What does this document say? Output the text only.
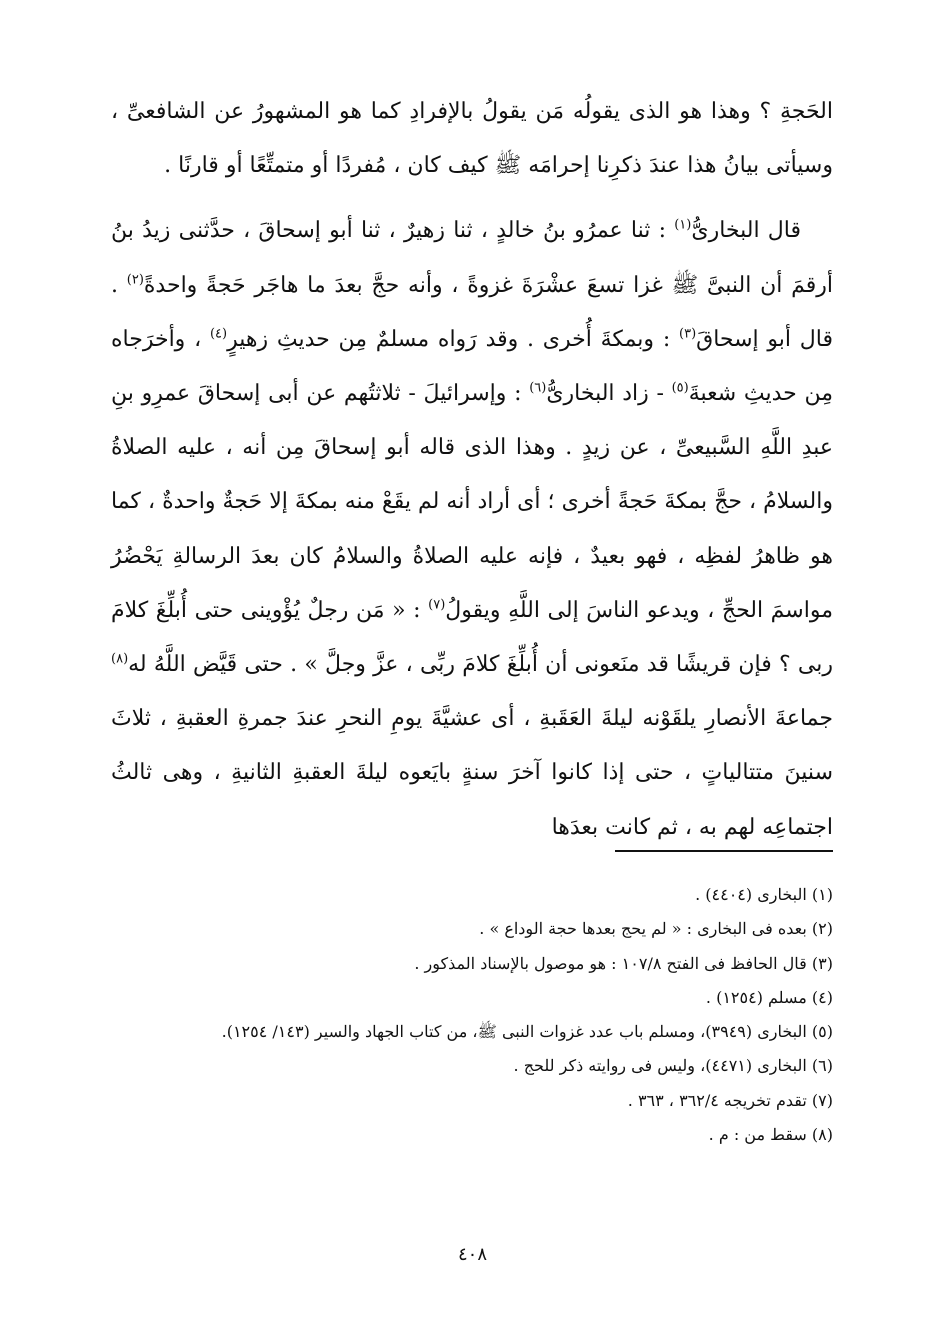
الحَجةِ ؟ وهذا هو الذى يقولُه مَن يقولُ بالإفرادِ كما هو المشهورُ عن الشافعىِّ ، وسيأتى بيانُ هذا عندَ ذكرِنا إحرامَه ﷺ كيف كان ، مُفردًا أو متمتِّعًا أو قارنًا .

قال البخارىُّ$^{(١)}$ : ثنا عمرُو بنُ خالدٍ ، ثنا زهيرٌ ، ثنا أبو إسحاقَ ، حدَّثنى زيدُ بنُ أرقمَ أن النبىَّ ﷺ غزا تسعَ عشْرَةَ غزوةً ، وأنه حجَّ بعدَ ما هاجَر حَجةً واحدةً$^{(٢)}$ . قال أبو إسحاقَ$^{(٣)}$ : وبمكةَ أُخرى . وقد رَواه مسلمٌ مِن حديثِ زهيرٍ$^{(٤)}$ ، وأخرَجاه مِن حديثِ شعبةَ$^{(٥)}$ - زاد البخارىُّ$^{(٦)}$ : وإسرائيلَ - ثلاثتُهم عن أبى إسحاقَ عمرِو بنِ عبدِ اللَّهِ السَّبيعىِّ ، عن زيدٍ . وهذا الذى قاله أبو إسحاقَ مِن أنه ، عليه الصلاةُ والسلامُ ، حجَّ بمكةَ حَجةً أخرى ؛ أى أراد أنه لم يقَعْ منه بمكةَ إلا حَجةٌ واحدةٌ ، كما هو ظاهرُ لفظِه ، فهو بعيدٌ ، فإنه عليه الصلاةُ والسلامُ كان بعدَ الرسالةِ يَحْضُرُ مواسمَ الحجِّ ، ويدعو الناسَ إلى اللَّهِ ويقولُ$^{(٧)}$ : « مَن رجلٌ يُؤْوينى حتى أُبلِّغَ كلامَ ربى ؟ فإن قريشًا قد منَعونى أن أُبلِّغَ كلامَ ربِّى ، عزَّ وجلَّ » . حتى قَيَّض اللَّهُ له$^{(٨)}$ جماعةَ الأنصارِ يلقَوْنه ليلةَ العَقَبةِ ، أى عشيَّةَ يومِ النحرِ عندَ جمرةِ العقبةِ ، ثلاثَ سنينَ متتالياتٍ ، حتى إذا كانوا آخرَ سنةٍ بايَعوه ليلةَ العقبةِ الثانيةِ ، وهى ثالثُ اجتماعِه لهم به ، ثم كانت بعدَها

(١) البخارى (٤٤٠٤) .

(٢) بعده فى البخارى : « لم يحج بعدها حجة الوداع » .

(٣) قال الحافظ فى الفتح ١٠٧/٨ : هو موصول بالإسناد المذكور .

(٤) مسلم (١٢٥٤) .

(٥) البخارى (٣٩٤٩)، ومسلم باب عدد غزوات النبى ﷺ، من كتاب الجهاد والسير (١٤٣/ ١٢٥٤).

(٦) البخارى (٤٤٧١)، وليس فى روايته ذكر للحج .

(٧) تقدم تخريجه ٣٦٢/٤ ، ٣٦٣ .

(٨) سقط من : م .

٤٠٨
